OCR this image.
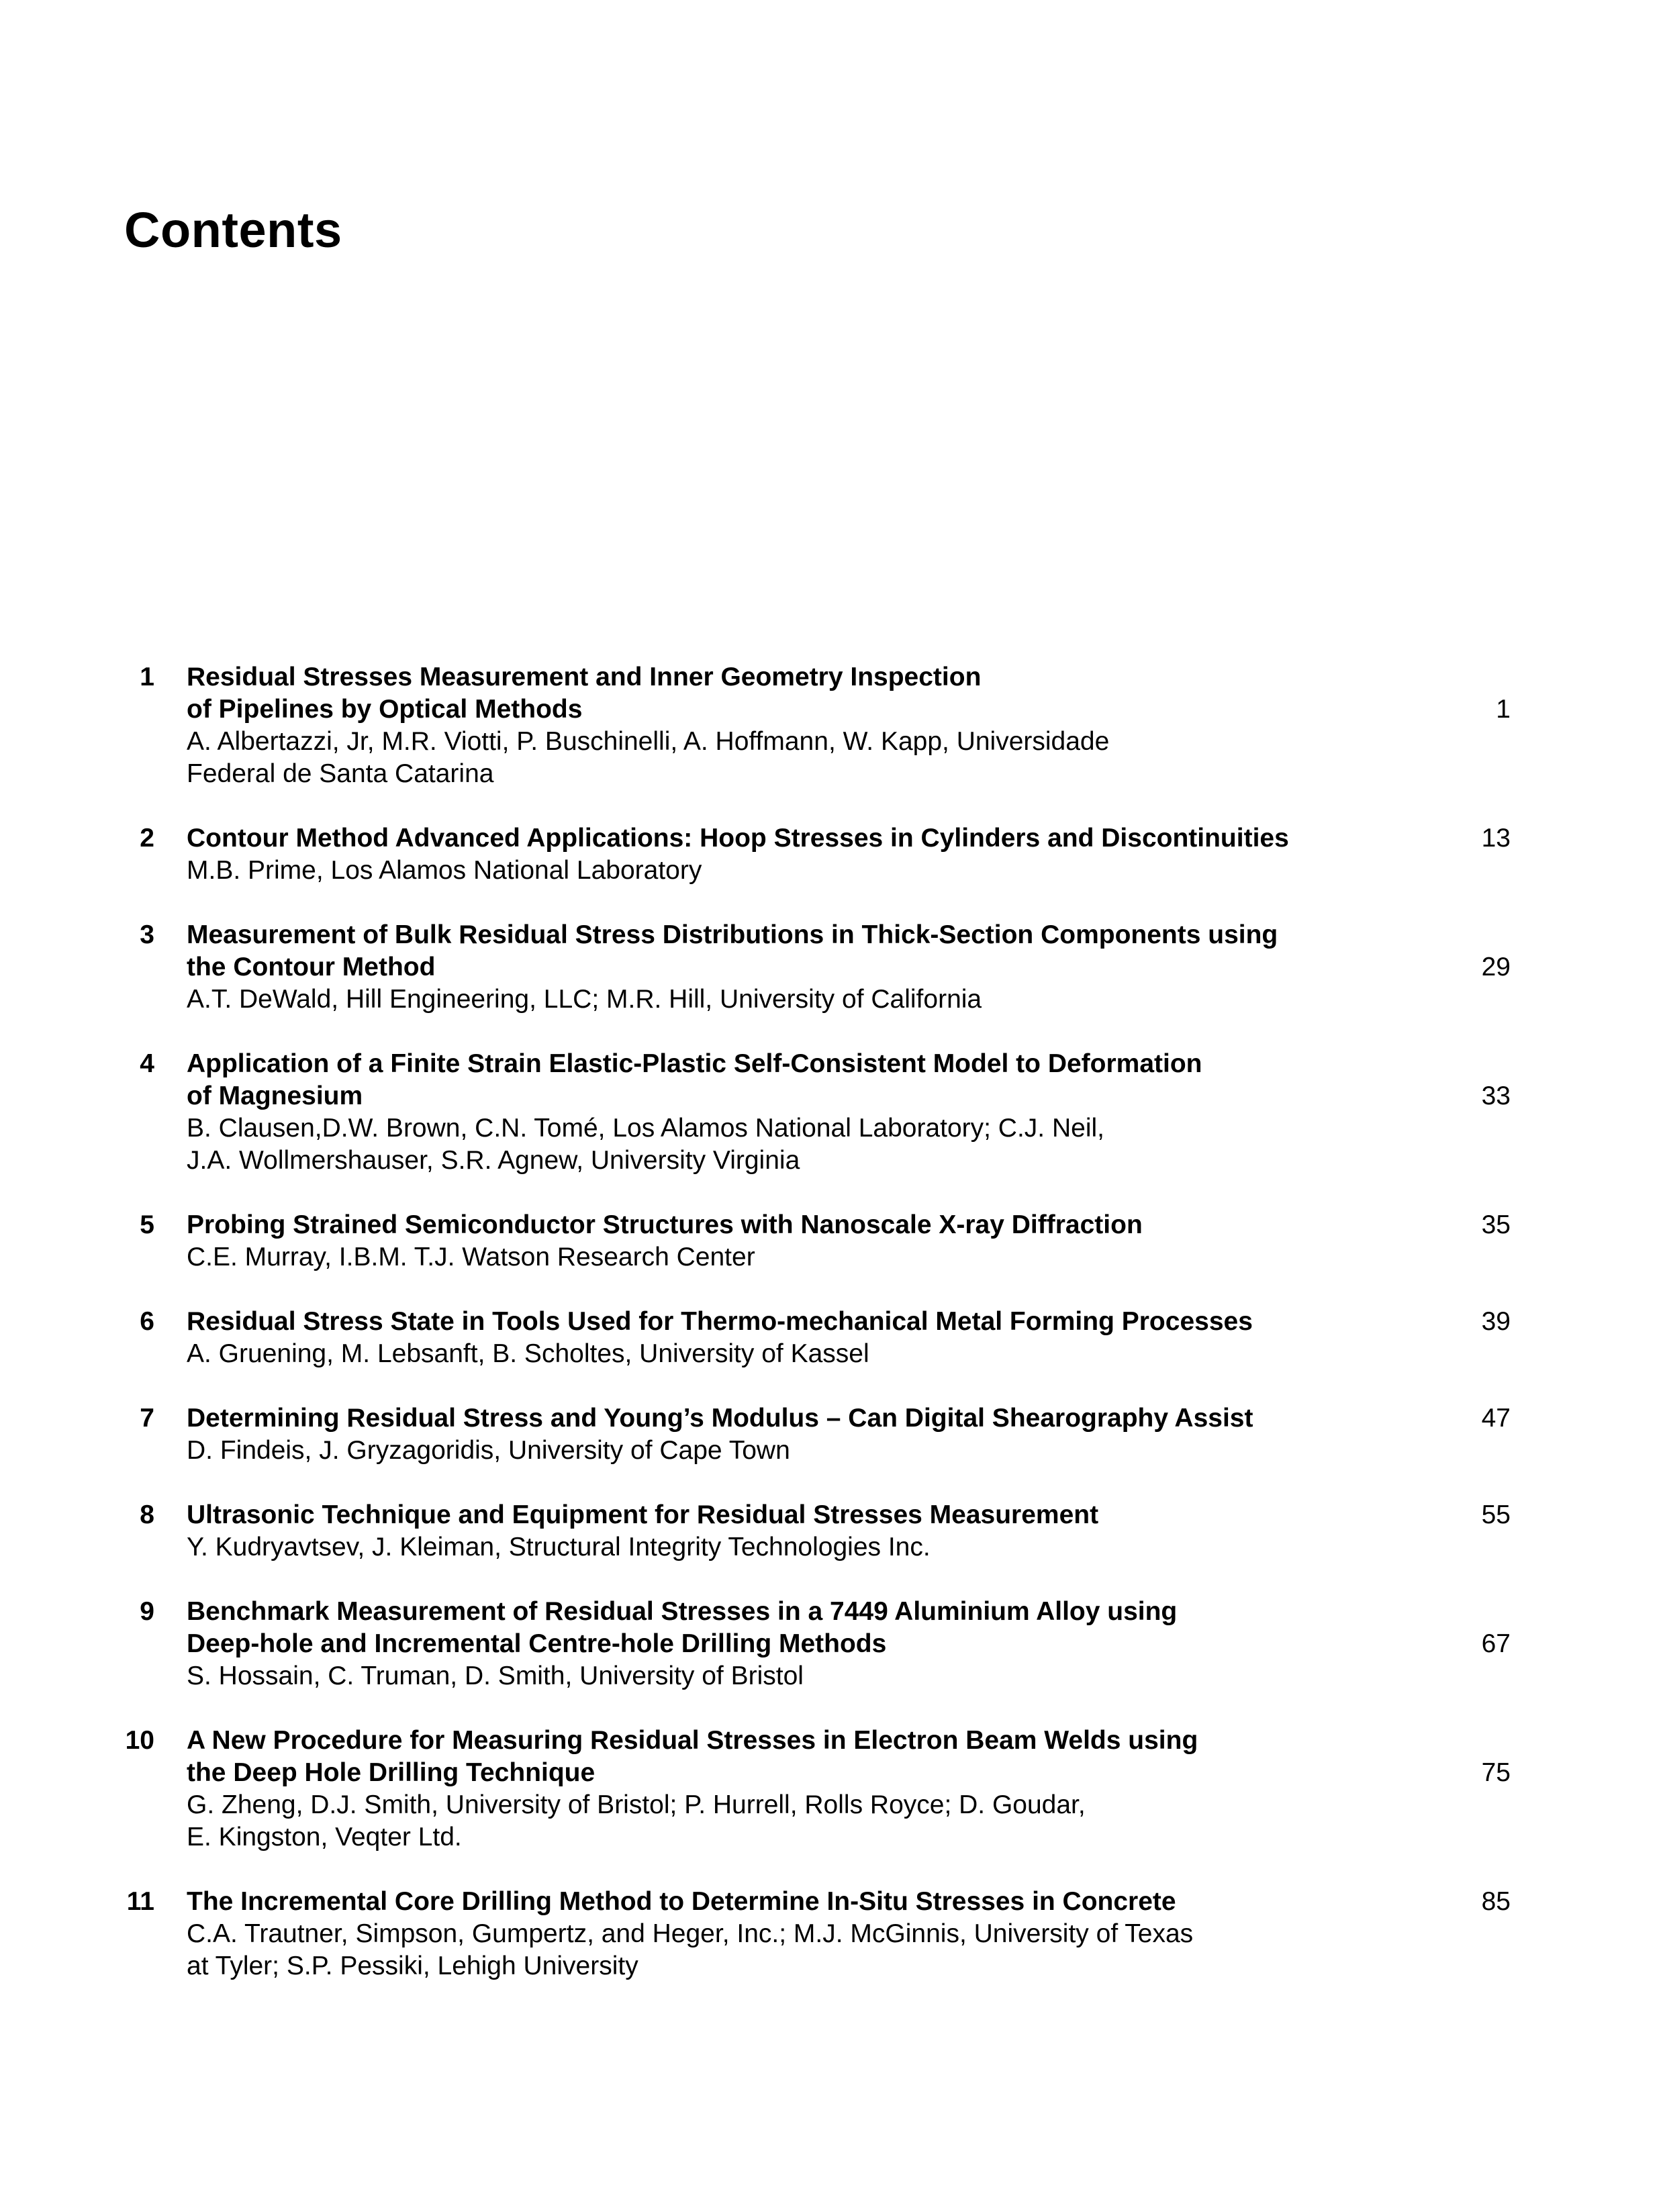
Contents
1 Residual Stresses Measurement and Inner Geometry Inspection
of Pipelines by Optical Methods
A. Albertazzi, Jr, M.R. Viotti, P. Buschinelli, A. Hoffmann, W. Kapp, Universidade
Federal de Santa Catarina
1
2 Contour Method Advanced Applications: Hoop Stresses in Cylinders and Discontinuities
M.B. Prime, Los Alamos National Laboratory
13
3 Measurement of Bulk Residual Stress Distributions in Thick-Section Components using
the Contour Method
A.T. DeWald, Hill Engineering, LLC; M.R. Hill, University of California
29
4 Application of a Finite Strain Elastic-Plastic Self-Consistent Model to Deformation
of Magnesium
B. Clausen,D.W. Brown, C.N. Tomé, Los Alamos National Laboratory; C.J. Neil,
J.A. Wollmershauser, S.R. Agnew, University Virginia
33
5 Probing Strained Semiconductor Structures with Nanoscale X-ray Diffraction
C.E. Murray, I.B.M. T.J. Watson Research Center
35
6 Residual Stress State in Tools Used for Thermo-mechanical Metal Forming Processes
A. Gruening, M. Lebsanft, B. Scholtes, University of Kassel
39
7 Determining Residual Stress and Young’s Modulus – Can Digital Shearography Assist
D. Findeis, J. Gryzagoridis, University of Cape Town
47
8 Ultrasonic Technique and Equipment for Residual Stresses Measurement
Y. Kudryavtsev, J. Kleiman, Structural Integrity Technologies Inc.
55
9 Benchmark Measurement of Residual Stresses in a 7449 Aluminium Alloy using
Deep-hole and Incremental Centre-hole Drilling Methods
S. Hossain, C. Truman, D. Smith, University of Bristol
67
10 A New Procedure for Measuring Residual Stresses in Electron Beam Welds using
the Deep Hole Drilling Technique
G. Zheng, D.J. Smith, University of Bristol; P. Hurrell, Rolls Royce; D. Goudar,
E. Kingston, Veqter Ltd.
75
11 The Incremental Core Drilling Method to Determine In-Situ Stresses in Concrete
C.A. Trautner, Simpson, Gumpertz, and Heger, Inc.; M.J. McGinnis, University of Texas
at Tyler; S.P. Pessiki, Lehigh University
85
